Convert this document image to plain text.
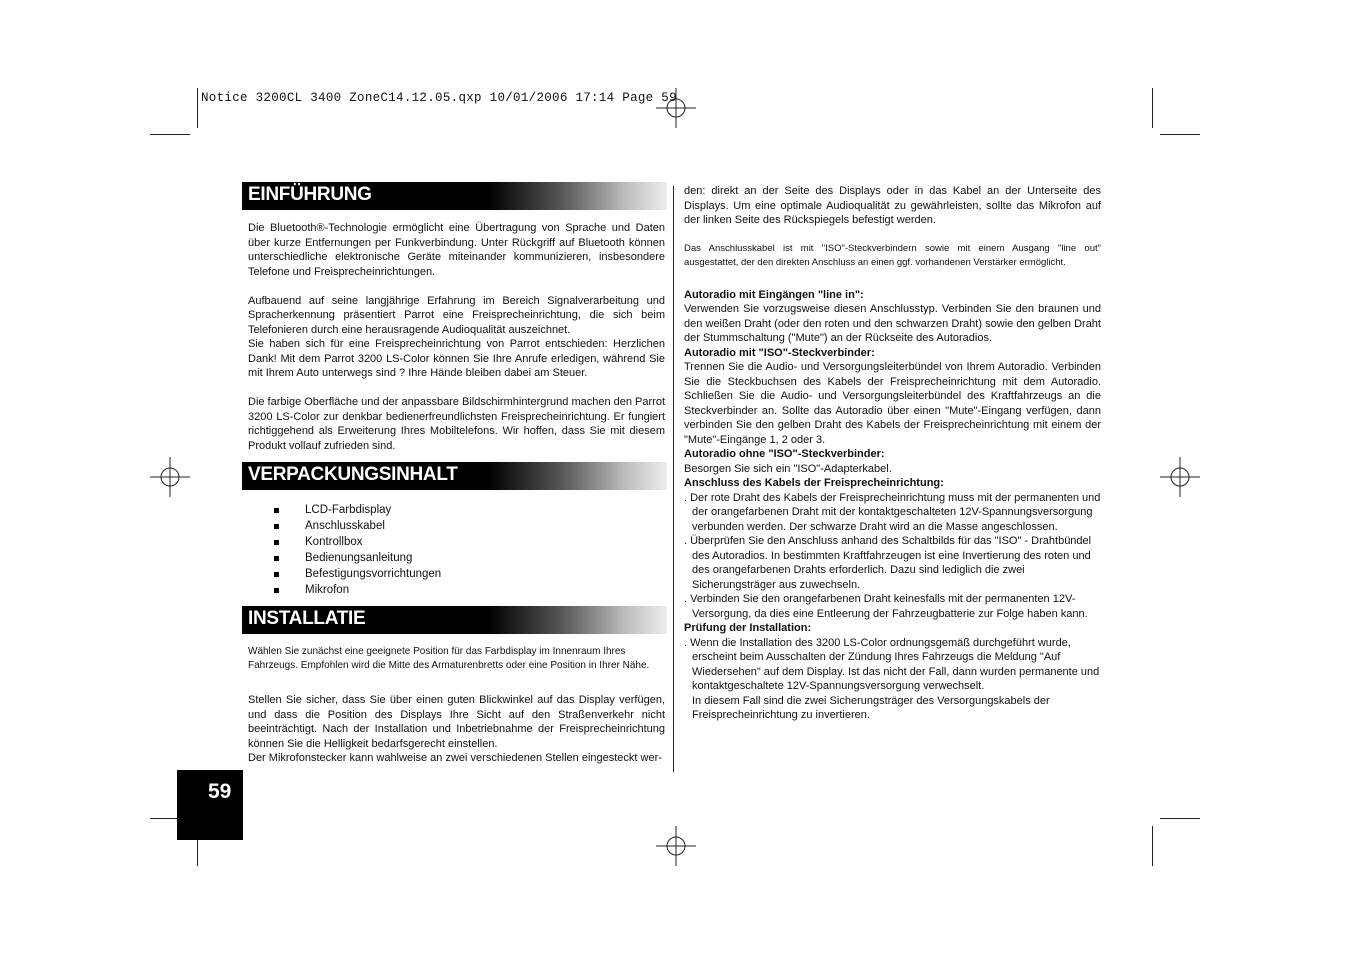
Notice 3200CL 3400 ZoneC14.12.05.qxp 10/01/2006 17:14 Page 59
EINFÜHRUNG

Die Bluetooth®-Technologie ermöglicht eine Übertragung von Sprache und Daten über kurze Entfernungen per Funkverbindung. Unter Rückgriff auf Bluetooth können unterschiedliche elektronische Geräte miteinander kommunizieren, insbesondere Telefone und Freisprecheinrichtungen.

Aufbauend auf seine langjährige Erfahrung im Bereich Signalverarbeitung und Spracherkennung präsentiert Parrot eine Freisprecheinrichtung, die sich beim Telefonieren durch eine herausragende Audioqualität auszeichnet.

Sie haben sich für eine Freisprecheinrichtung von Parrot entschieden: Herzlichen Dank! Mit dem Parrot 3200 LS-Color können Sie Ihre Anrufe erledigen, während Sie mit Ihrem Auto unterwegs sind ? Ihre Hände bleiben dabei am Steuer.

Die farbige Oberfläche und der anpassbare Bildschirmhintergrund machen den Parrot 3200 LS-Color zur denkbar bedienerfreundlichsten Freisprecheinrichtung. Er fungiert richtiggehend als Erweiterung Ihres Mobiltelefons. Wir hoffen, dass Sie mit diesem Produkt vollauf zufrieden sind.

VERPACKUNGSINHALT
LCD-Farbdisplay
Anschlusskabel
Kontrollbox
Bedienungsanleitung
Befestigungsvorrichtungen
Mikrofon
INSTALLATIE

Wählen Sie zunächst eine geeignete Position für das Farbdisplay im Innenraum Ihres Fahrzeugs. Empfohlen wird die Mitte des Armaturenbretts oder eine Position in Ihrer Nähe.

Stellen Sie sicher, dass Sie über einen guten Blickwinkel auf das Display verfügen, und dass die Position des Displays Ihre Sicht auf den Straßenverkehr nicht beeinträchtigt. Nach der Installation und Inbetriebnahme der Freisprecheinrichtung können Sie die Helligkeit bedarfsgerecht einstellen.

Der Mikrofonstecker kann wahlweise an zwei verschiedenen Stellen eingesteckt wer-

59

den: direkt an der Seite des Displays oder in das Kabel an der Unterseite des Displays. Um eine optimale Audioqualität zu gewährleisten, sollte das Mikrofon auf der linken Seite des Rückspiegels befestigt werden.

Das Anschlusskabel ist mit "ISO"-Steckverbindern sowie mit einem Ausgang "line out" ausgestattet, der den direkten Anschluss an einen ggf. vorhandenen Verstärker ermöglicht.

Autoradio mit Eingängen "line in":

Verwenden Sie vorzugsweise diesen Anschlusstyp. Verbinden Sie den braunen und den weißen Draht (oder den roten und den schwarzen Draht) sowie den gelben Draht der Stummschaltung ("Mute") an der Rückseite des Autoradios.

Autoradio mit "ISO"-Steckverbinder:

Trennen Sie die Audio- und Versorgungsleiterbündel von Ihrem Autoradio. Verbinden Sie die Steckbuchsen des Kabels der Freisprecheinrichtung mit dem Autoradio. Schließen Sie die Audio- und Versorgungsleiterbündel des Kraftfahrzeugs an die Steckverbinder an. Sollte das Autoradio über einen "Mute"-Eingang verfügen, dann verbinden Sie den gelben Draht des Kabels der Freisprecheinrichtung mit einem der "Mute"-Eingänge 1, 2 oder 3.

Autoradio ohne "ISO"-Steckverbinder:

Besorgen Sie sich ein "ISO"-Adapterkabel.

Anschluss des Kabels der Freisprecheinrichtung:

. Der rote Draht des Kabels der Freisprecheinrichtung muss mit der permanenten und der orangefarbenen Draht mit der kontaktgeschalteten 12V-Spannungsversorgung verbunden werden. Der schwarze Draht wird an die Masse angeschlossen.

. Überprüfen Sie den Anschluss anhand des Schaltbilds für das "ISO" - Drahtbündel des Autoradios. In bestimmten Kraftfahrzeugen ist eine Invertierung des roten und des orangefarbenen Drahts erforderlich. Dazu sind lediglich die zwei Sicherungsträger aus zuwechseln.

. Verbinden Sie den orangefarbenen Draht keinesfalls mit der permanenten 12V-Versorgung, da dies eine Entleerung der Fahrzeugbatterie zur Folge haben kann.

Prüfung der Installation:

. Wenn die Installation des 3200 LS-Color ordnungsgemäß durchgeführt wurde, erscheint beim Ausschalten der Zündung Ihres Fahrzeugs die Meldung "Auf Wiedersehen" auf dem Display. Ist das nicht der Fall, dann wurden permanente und kontaktgeschaltete 12V-Spannungsversorgung verwechselt.

In diesem Fall sind die zwei Sicherungsträger des Versorgungskabels der Freisprecheinrichtung zu invertieren.
